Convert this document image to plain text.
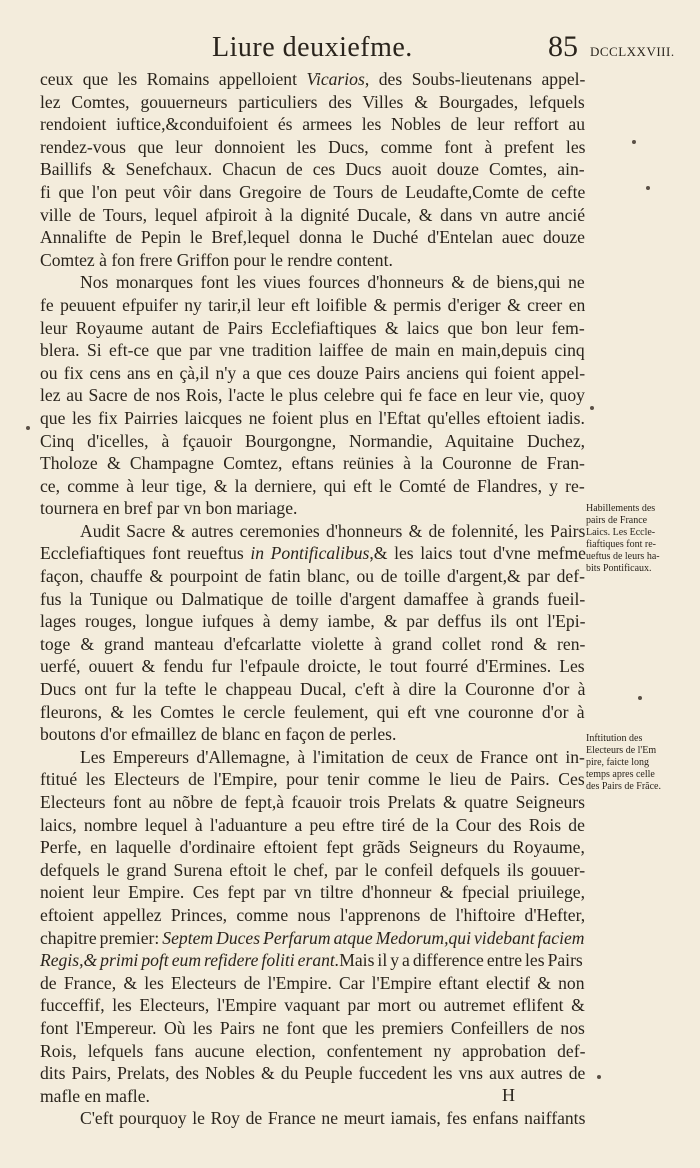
Liure deuxiefme.	85 DCCLXXVIII.
ceux que les Romains appelloient Vicarios, des Soubs-lieutenans appel-
lez Comtes, gouuerneurs particuliers des Villes & Bourgades, lefquels
rendoient iuftice,&conduifoient és armees les Nobles de leur reffort au
rendez-vous que leur donnoient les Ducs, comme font à prefent les
Baillifs & Senefchaux. Chacun de ces Ducs auoit douze Comtes, ain-
fi que l'on peut vôir dans Gregoire de Tours de Leudafte,Comte de cefte
ville de Tours, lequel afpiroit à la dignité Ducale, & dans vn autre ancié
Annalifte de Pepin le Bref,lequel donna le Duché d'Entelan auec douze
Comtez à fon frere Griffon pour le rendre content.
Nos monarques font les viues fources d'honneurs & de biens,qui ne
fe peuuent efpuifer ny tarir,il leur eft loifible & permis d'eriger & creer en
leur Royaume autant de Pairs Ecclefiaftiques & laics que bon leur fem-
blera. Si eft-ce que par vne tradition laiffee de main en main,depuis cinq
ou fix cens ans en çà,il n'y a que ces douze Pairs anciens qui foient appel-
lez au Sacre de nos Rois, l'acte le plus celebre qui fe face en leur vie, quoy
que les fix Pairries laicques ne foient plus en l'Eftat qu'elles eftoient iadis.
Cinq d'icelles, à fçauoir Bourgongne, Normandie, Aquitaine Duchez,
Tholoze & Champagne Comtez, eftans reünies à la Couronne de Fran-
ce, comme à leur tige, & la derniere, qui eft le Comté de Flandres, y re-
tournera en bref par vn bon mariage.
Audit Sacre & autres ceremonies d'honneurs & de folennité, les Pairs
Ecclefiaftiques font reueftus in Pontificalibus,& les laics tout d'vne mefme
façon, chauffe & pourpoint de fatin blanc, ou de toille d'argent,& par def-
fus la Tunique ou Dalmatique de toille d'argent damaffee à grands fueil-
lages rouges, longue iufques à demy iambe, & par deffus ils ont l'Epi-
toge & grand manteau d'efcarlatte violette à grand collet rond & ren-
uerfé, ouuert & fendu fur l'efpaule droicte, le tout fourré d'Ermines. Les
Ducs ont fur la tefte le chappeau Ducal, c'eft à dire la Couronne d'or à
fleurons, & les Comtes le cercle feulement, qui eft vne couronne d'or à
boutons d'or efmaillez de blanc en façon de perles.
Les Empereurs d'Allemagne, à l'imitation de ceux de France ont in-
ftitué les Electeurs de l'Empire, pour tenir comme le lieu de Pairs. Ces
Electeurs font au nõbre de fept,à fcauoir trois Prelats & quatre Seigneurs
laics, nombre lequel à l'aduanture a peu eftre tiré de la Cour des Rois de
Perfe, en laquelle d'ordinaire eftoient fept grãds Seigneurs du Royaume,
defquels le grand Surena eftoit le chef, par le confeil defquels ils gouuer-
noient leur Empire. Ces fept par vn tiltre d'honneur & fpecial priuilege,
eftoient appellez Princes, comme nous l'apprenons de l'hiftoire d'Hefter,
chapitre premier: Septem Duces Perfarum atque Medorum,qui videbant faciem
Regis,& primi poft eum refidere foliti erant.Mais il y a difference entre les Pairs
de France, & les Electeurs de l'Empire. Car l'Empire eftant electif & non
fucceffif, les Electeurs, l'Empire vaquant par mort ou autremet eflifent &
font l'Empereur. Où les Pairs ne font que les premiers Confeillers de nos
Rois, lefquels fans aucune election, confentement ny approbation def-
dits Pairs, Prelats, des Nobles & du Peuple fuccedent les vns aux autres de
mafle en mafle.
C'eft pourquoy le Roy de France ne meurt iamais, fes enfans naiffants
Habillements des
pairs de France
Laics. Les Eccle-
fiaftiques font re-
ueftus de leurs ha-
bits Pontificaux.
Inftitution des
Electeurs de l'Em
pire, faicte long
temps apres celle
des Pairs de Frãce.
H
